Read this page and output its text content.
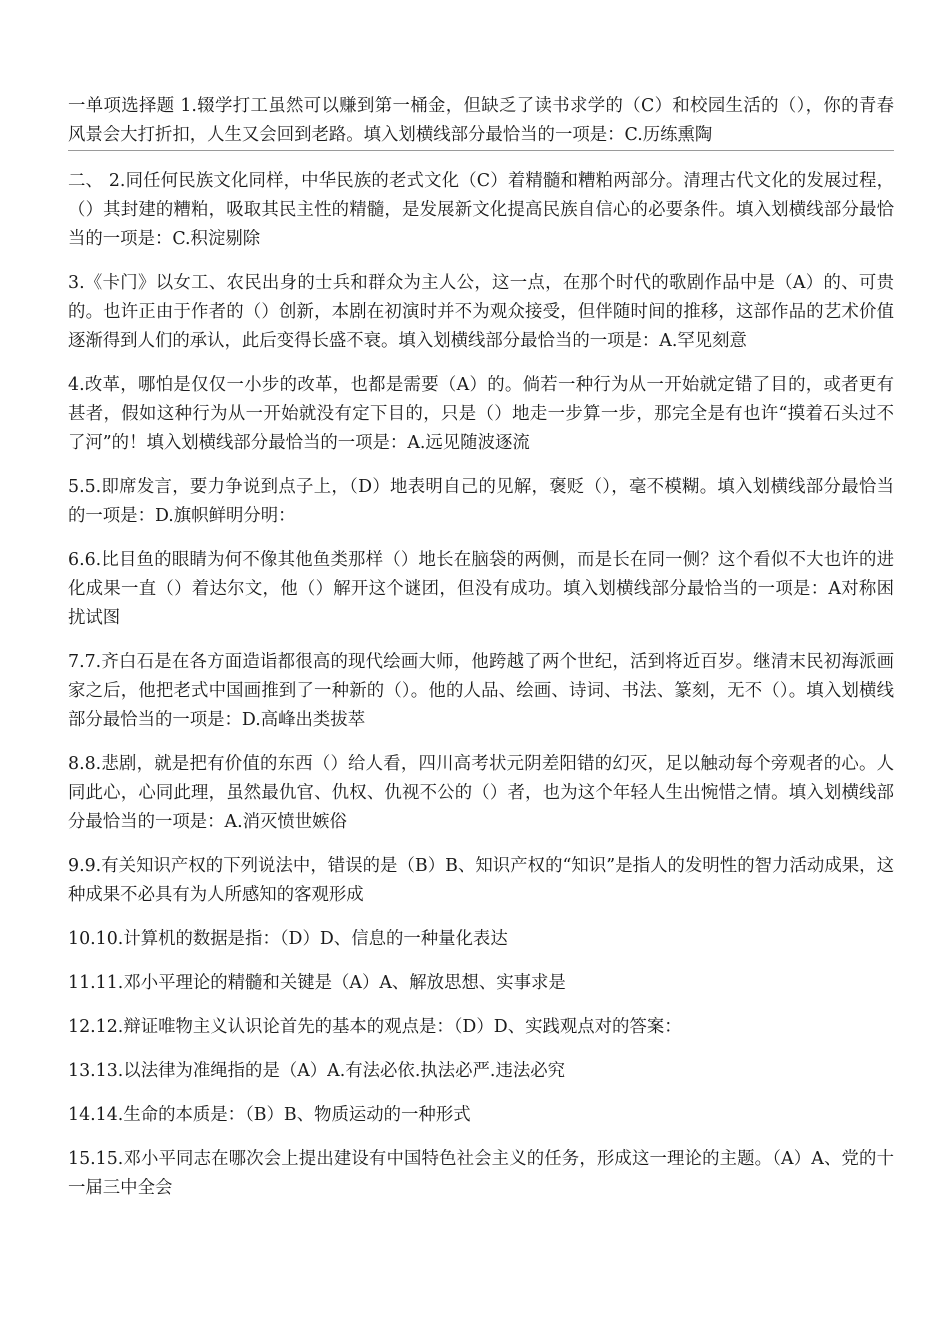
一单项选择题 1.辍学打工虽然可以赚到第一桶金，但缺乏了读书求学的（C）和校园生活的（），你的青春风景会大打折扣，人生又会回到老路。填入划横线部分最恰当的一项是：C.历练熏陶

二、 2.同任何民族文化同样，中华民族的老式文化（C）着精髓和糟粕两部分。清理古代文化的发展过程，（）其封建的糟粕，吸取其民主性的精髓，是发展新文化提高民族自信心的必要条件。填入划横线部分最恰当的一项是：C.积淀剔除

3.《卡门》以女工、农民出身的士兵和群众为主人公，这一点，在那个时代的歌剧作品中是（A）的、可贵的。也许正由于作者的（）创新，本剧在初演时并不为观众接受，但伴随时间的推移，这部作品的艺术价值逐渐得到人们的承认，此后变得长盛不衰。填入划横线部分最恰当的一项是：A.罕见刻意

4.改革，哪怕是仅仅一小步的改革，也都是需要（A）的。倘若一种行为从一开始就定错了目的，或者更有甚者，假如这种行为从一开始就没有定下目的，只是（）地走一步算一步，那完全是有也许“摸着石头过不了河”的！填入划横线部分最恰当的一项是：A.远见随波逐流

5.5.即席发言，要力争说到点子上，（D）地表明自己的见解，褒贬（），毫不模糊。填入划横线部分最恰当的一项是：D.旗帜鲜明分明：

6.6.比目鱼的眼睛为何不像其他鱼类那样（）地长在脑袋的两侧，而是长在同一侧？这个看似不大也许的进化成果一直（）着达尔文，他（）解开这个谜团，但没有成功。填入划横线部分最恰当的一项是：A对称困扰试图

7.7.齐白石是在各方面造诣都很高的现代绘画大师，他跨越了两个世纪，活到将近百岁。继清末民初海派画家之后，他把老式中国画推到了一种新的（）。他的人品、绘画、诗词、书法、篆刻，无不（）。填入划横线部分最恰当的一项是：D.高峰出类拔萃

8.8.悲剧，就是把有价值的东西（）给人看，四川高考状元阴差阳错的幻灭，足以触动每个旁观者的心。人同此心，心同此理，虽然最仇官、仇权、仇视不公的（）者，也为这个年轻人生出惋惜之情。填入划横线部分最恰当的一项是：A.消灭愤世嫉俗

9.9.有关知识产权的下列说法中，错误的是（B）B、知识产权的“知识”是指人的发明性的智力活动成果，这种成果不必具有为人所感知的客观形成

10.10.计算机的数据是指：（D）D、信息的一种量化表达

11.11.邓小平理论的精髓和关键是（A）A、解放思想、实事求是

12.12.辩证唯物主义认识论首先的基本的观点是：（D）D、实践观点对的答案：

13.13.以法律为准绳指的是（A）A.有法必依.执法必严.违法必究

14.14.生命的本质是：（B）B、物质运动的一种形式

15.15.邓小平同志在哪次会上提出建设有中国特色社会主义的任务，形成这一理论的主题。（A）A、党的十一届三中全会
